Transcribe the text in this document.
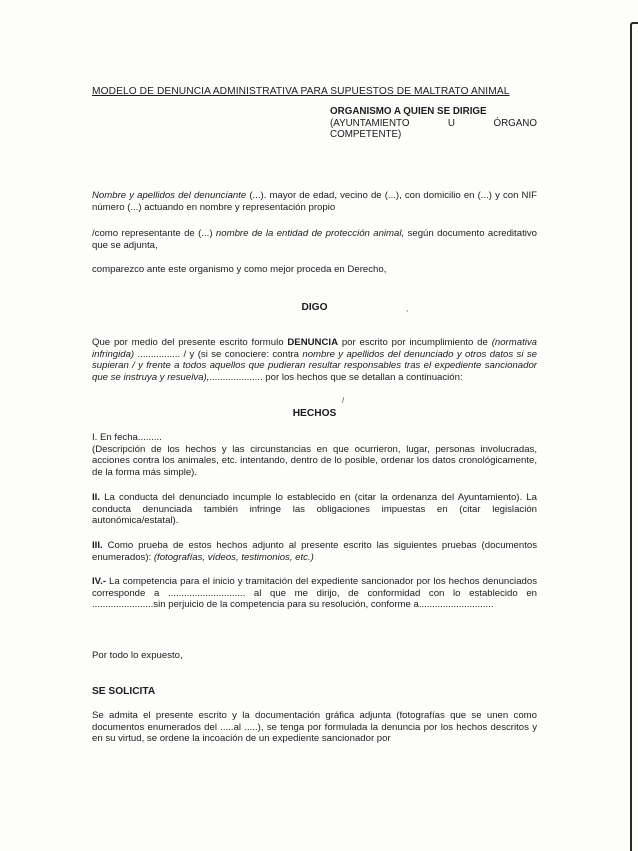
MODELO DE DENUNCIA ADMINISTRATIVA PARA SUPUESTOS DE MALTRATO ANIMAL

ORGANISMO A QUIEN SE DIRIGE
(AYUNTAMIENTO	U	ÓRGANO
COMPETENTE)

Nombre y apellidos del denunciante (...). mayor de edad, vecino de (...), con domicilio en (...) y con NIF número (...) actuando en nombre y representación propio

/como representante de (...) nombre de la entidad de protección animal, según documento acreditativo que se adjunta,

comparezco ante este organismo y como mejor proceda en Derecho,

DIGO	,

Que por medio del presente escrito formulo DENUNCIA por escrito por incumplimiento de (normativa infringida) ................ / y (si se conociere: contra nombre y apellidos del denunciado y otros datos si se supieran / y frente a todos aquellos que pudieran resultar responsables tras el expediente sancionador que se instruya y resuelva),.................... por los hechos que se detallan a continuación:

HECHOS

/

I. En fecha.........

(Descripción de los hechos y las circunstancias en que ocurrieron, lugar, personas involucradas, acciones contra los animales, etc. intentando, dentro de lo posible, ordenar los datos cronológicamente, de la forma más simple).

II. La conducta del denunciado incumple lo establecido en (citar la ordenanza del Ayuntamiento). La conducta denunciada también infringe las obligaciones impuestas en (citar legislación autonómica/estatal).

III. Como prueba de estos hechos adjunto al presente escrito las siguientes pruebas (documentos enumerados): (fotografías, vídeos, testimonios, etc.)

IV.- La competencia para el inicio y tramitación del expediente sancionador por los hechos denunciados corresponde a ............................. al que me dirijo, de conformidad con lo establecido en .......................sin perjuicio de la competencia para su resolución, conforme a............................

Por todo lo expuesto,

SE SOLICITA

Se admita el presente escrito y la documentación gráfica adjunta (fotografías que se unen como documentos enumerados del .....al .....), se tenga por formulada la denuncia por los hechos descritos y en su virtud, se ordene la incoación de un expediente sancionador por
